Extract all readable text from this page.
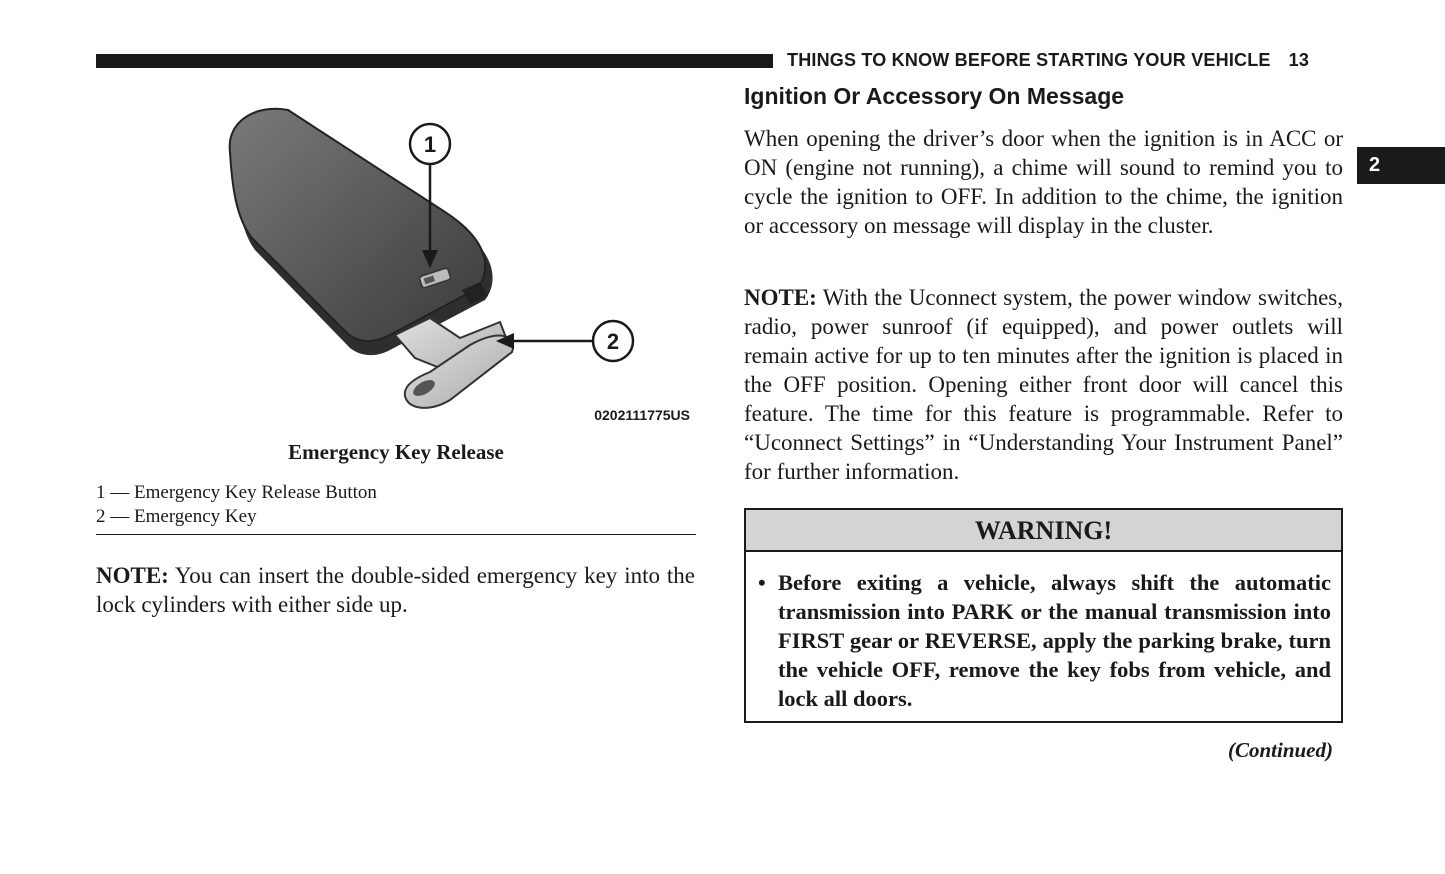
THINGS TO KNOW BEFORE STARTING YOUR VEHICLE 13
2
1
2
0202111775US
Emergency Key Release
1 — Emergency Key Release Button
2 — Emergency Key
NOTE: You can insert the double-sided emergency key into the lock cylinders with either side up.
Ignition Or Accessory On Message
When opening the driver’s door when the ignition is in ACC or ON (engine not running), a chime will sound to remind you to cycle the ignition to OFF. In addition to the chime, the ignition or accessory on message will display in the cluster.
NOTE: With the Uconnect system, the power window switches, radio, power sunroof (if equipped), and power outlets will remain active for up to ten minutes after the ignition is placed in the OFF position. Opening either front door will cancel this feature. The time for this feature is programmable. Refer to “Uconnect Settings” in “Understanding Your Instrument Panel” for further information.
WARNING!
• Before exiting a vehicle, always shift the automatic transmission into PARK or the manual transmission into FIRST gear or REVERSE, apply the parking brake, turn the vehicle OFF, remove the key fobs from vehicle, and lock all doors.
(Continued)
